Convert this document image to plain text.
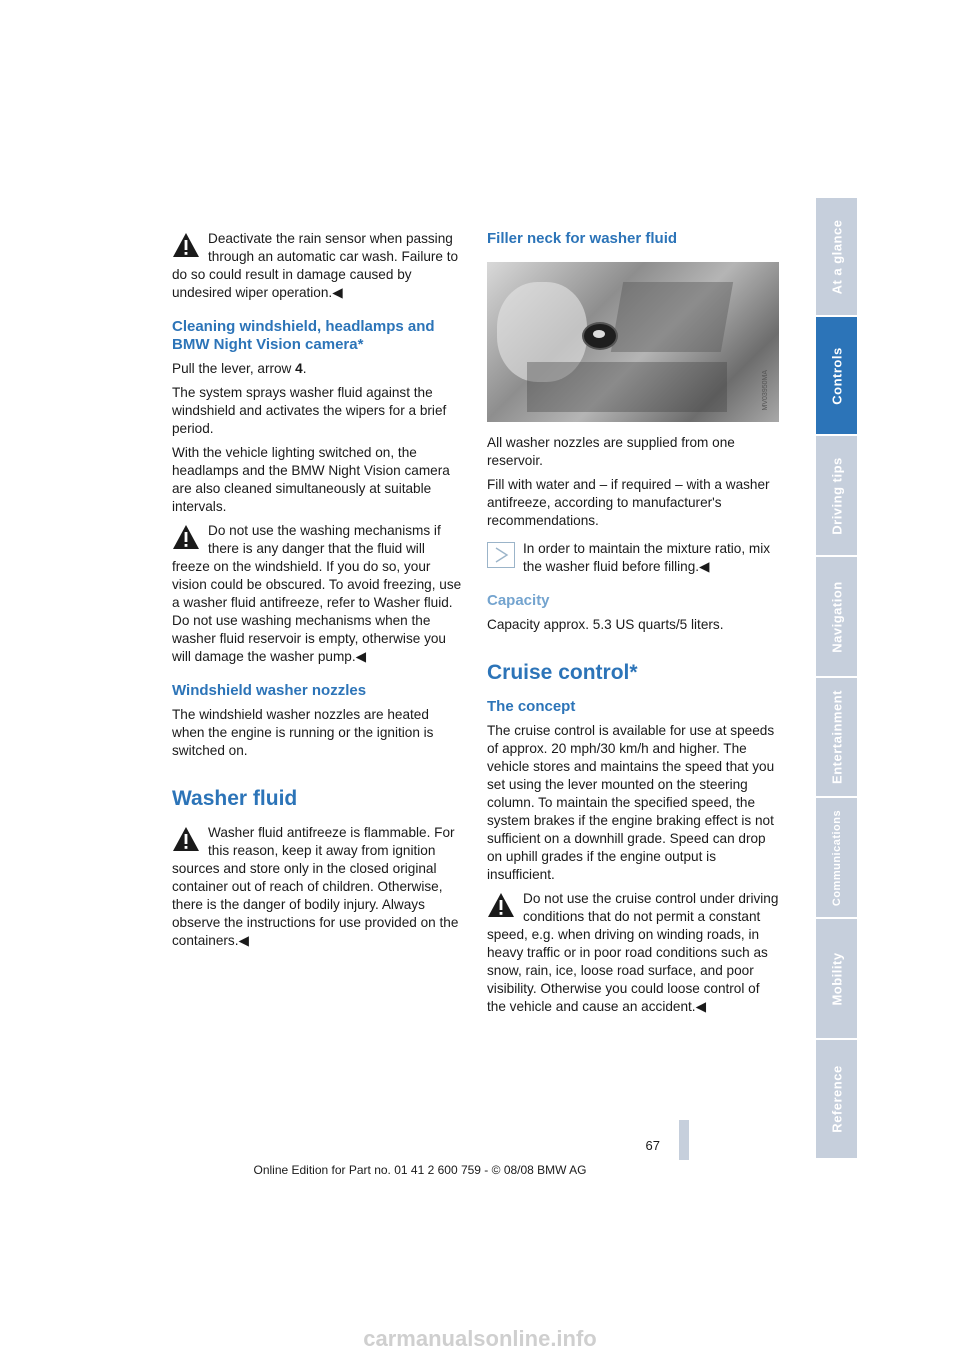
Deactivate the rain sensor when passing through an automatic car wash. Failure to do so could result in damage caused by undesired wiper operation.◀
Cleaning windshield, headlamps and BMW Night Vision camera*

Pull the lever, arrow 4.

The system sprays washer fluid against the windshield and activates the wipers for a brief period.

With the vehicle lighting switched on, the headlamps and the BMW Night Vision camera are also cleaned simultaneously at suitable intervals.

Do not use the washing mechanisms if there is any danger that the fluid will freeze on the windshield. If you do so, your vision could be obscured. To avoid freezing, use a washer fluid antifreeze, refer to Washer fluid. Do not use washing mechanisms when the washer fluid reservoir is empty, otherwise you will damage the washer pump.◀
Windshield washer nozzles

The windshield washer nozzles are heated when the engine is running or the ignition is switched on.

Washer fluid
Washer fluid antifreeze is flammable. For this reason, keep it away from ignition sources and store only in the closed original container out of reach of children. Otherwise, there is the danger of bodily injury. Always observe the instructions for use provided on the containers.◀
Filler neck for washer fluid
MV03950MA

All washer nozzles are supplied from one reservoir.

Fill with water and – if required – with a washer antifreeze, according to manufacturer's recommendations.

In order to maintain the mixture ratio, mix the washer fluid before filling.◀
Capacity

Capacity approx. 5.3 US quarts/5 liters.

Cruise control*
The concept

The cruise control is available for use at speeds of approx. 20 mph/30 km/h and higher. The vehicle stores and maintains the speed that you set using the lever mounted on the steering column. To maintain the specified speed, the system brakes if the engine braking effect is not sufficient on a downhill grade. Speed can drop on uphill grades if the engine output is insufficient.

Do not use the cruise control under driving conditions that do not permit a constant speed, e.g. when driving on winding roads, in heavy traffic or in poor road conditions such as snow, rain, ice, loose road surface, and poor visibility. Otherwise you could loose control of the vehicle and cause an accident.◀
At a glance
Controls
Driving tips
Navigation
Entertainment
Communications
Mobility
Reference
67
Online Edition for Part no. 01 41 2 600 759 - © 08/08 BMW AG
carmanualsonline.info
